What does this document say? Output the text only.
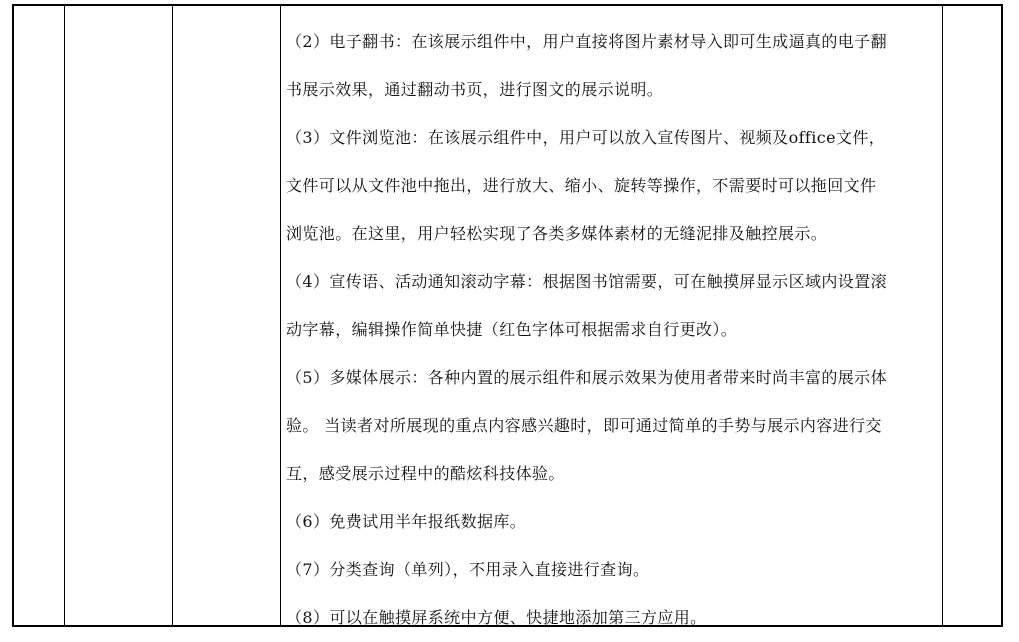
（2）电子翻书：在该展示组件中，用户直接将图片素材导入即可生成逼真的电子翻
书展示效果，通过翻动书页，进行图文的展示说明。
（3）文件浏览池：在该展示组件中，用户可以放入宣传图片、视频及office文件，
文件可以从文件池中拖出，进行放大、缩小、旋转等操作，不需要时可以拖回文件
浏览池。在这里，用户轻松实现了各类多媒体素材的无缝泥排及触控展示。
（4）宣传语、活动通知滚动字幕：根据图书馆需要，可在触摸屏显示区域内设置滚
动字幕，编辑操作简单快捷（红色字体可根据需求自行更改）。
（5）多媒体展示：各种内置的展示组件和展示效果为使用者带来时尚丰富的展示体
验。 当读者对所展现的重点内容感兴趣时，即可通过简单的手势与展示内容进行交
互，感受展示过程中的酷炫科技体验。
（6）免费试用半年报纸数据库。
（7）分类查询（单列），不用录入直接进行查询。
（8）可以在触摸屏系统中方便、快捷地添加第三方应用。
